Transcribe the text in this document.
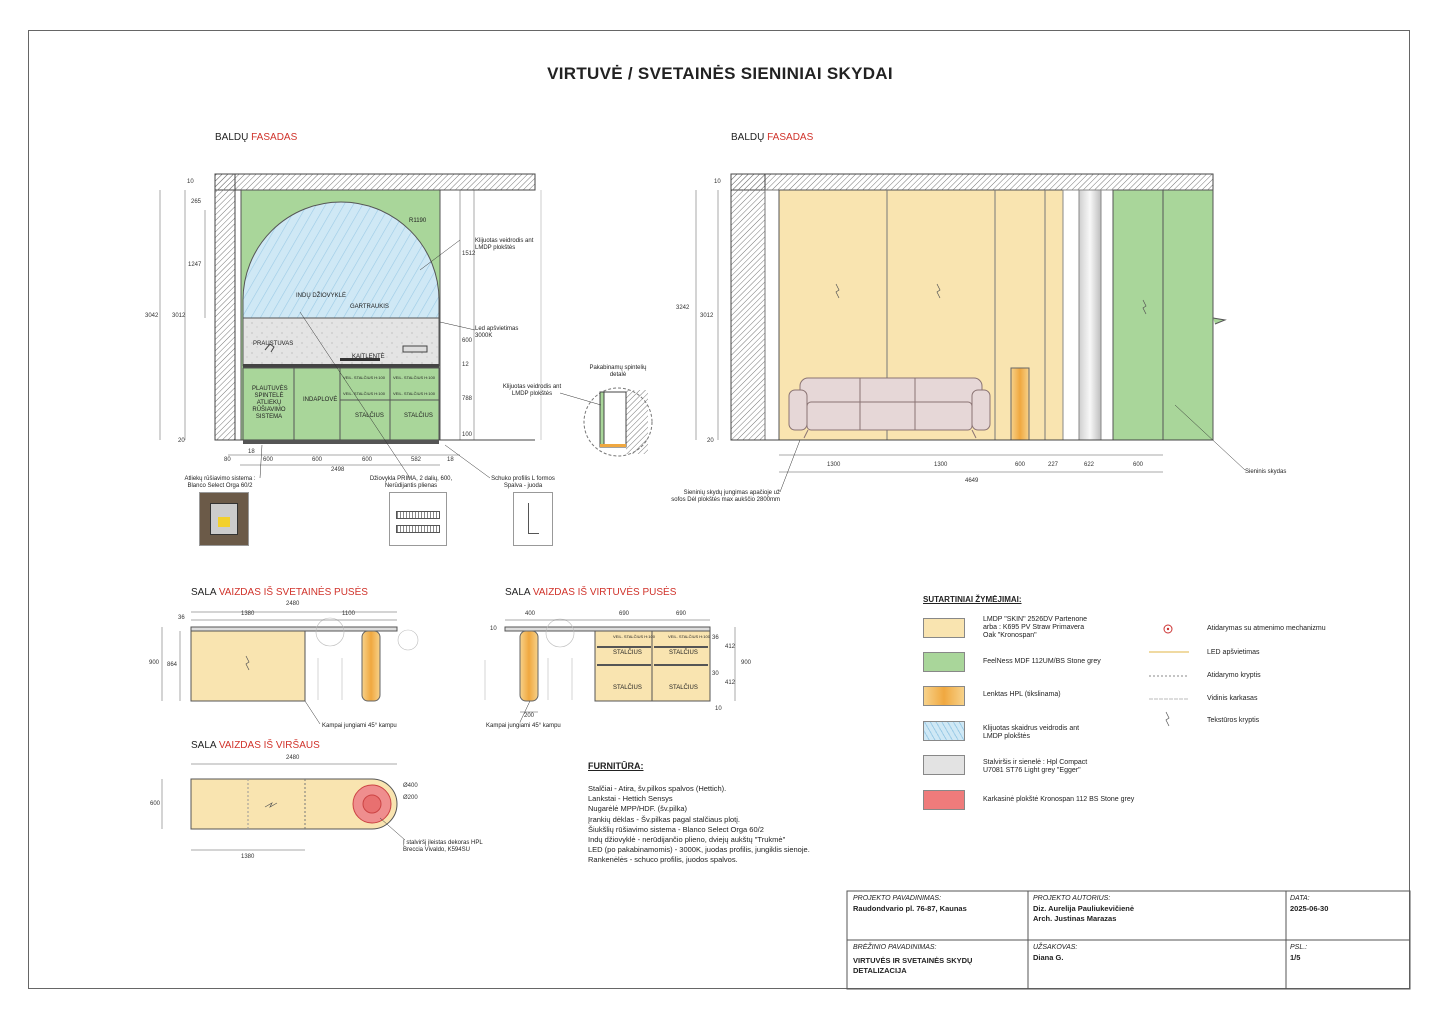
VIRTUVĖ / SVETAINĖS SIENINIAI SKYDAI
BALDŲ FASADAS	BALDŲ FASADAS
SALA VAIZDAS IŠ SVETAINĖS PUSĖS	SALA VAIZDAS IŠ VIRTUVĖS PUSĖS
SALA VAIZDAS IŠ VIRŠAUS
R1190
INDŲ DŽIOVYKLĖ
GARTRAUKIS
PRAUSTUVAS
KAITLENTĖ
PLAUTUVĖS SPINTELĖ ATLIEKŲ RŪŠIAVIMO SISTEMA
INDAPLOVĖ
STALČIUS	STALČIUS
VEIL. STALČIUS H:100 VEIL. STALČIUS H:100
VEIL. STALČIUS H:100 VEIL. STALČIUS H:100
10
265
1247
3042 3012
20
1512
600
12
788
100
80
18
600	600	600	582	18
2498
Klijuotas veidrodis ant LMDP plokštės
Led apšvietimas 3000K
Atliekų rūšiavimo sistema : Blanco Select Orga 60/2
Džiovykla PRIMA, 2 dalių, 600, Nerūdijantis plienas
Schuko profilis L formos Spalva - juoda
Pakabinamų spintelių detalė
Klijuotas veidrodis ant LMDP plokštės
10
3242
3012
20
1300	1300	600	227	622	600
4649
Sieninių skydų jungimas apačioje už sofos Dėl plokštės max aukščio 2800mm
Sieninis skydas
2480
1380	1100
36
900 864
Kampai jungiami 45° kampu
400	690	690
10
36
412
900
30
412
10
200
VEIL. STALČIUS H:100	VEIL. STALČIUS H:100
STALČIUS	STALČIUS
STALČIUS	STALČIUS
Kampai jungiami 45° kampu
2480
600
1380
Ø400
Ø200
Į stalviršį įleistas dekoras HPL Breccia Vivaldo, K594SU
SUTARTINIAI ŽYMĖJIMAI:
LMDP "SKIN" 2526DV Partenone arba : K695 PV Straw Primavera Oak "Kronospan"
FeelNess MDF 112UM/BS Stone grey
Lenktas HPL (tikslinama)
Klijuotas skaidrus veidrodis ant LMDP plokštės
Stalviršis ir sienelė : Hpl Compact U7081 ST76 Light grey "Egger"
Karkasinė plokštė Kronospan 112 BS Stone grey
Atidarymas su atmenimo mechanizmu
LED apšvietimas
Atidarymo kryptis
Vidinis karkasas
Tekstūros kryptis
FURNITŪRA:
Stalčiai - Atira, šv.pilkos spalvos (Hettich).
Lankstai - Hettich Sensys
Nugarėlė MPP/HDF. (šv.pilka)
Įrankių dėklas - Šv.pilkas pagal stalčiaus plotį.
Šiukšlių rūšiavimo sistema - Blanco Select Orga 60/2
Indų džiovyklė - nerūdijančio plieno, dviejų aukštų "Trukmė"
LED (po pakabinamomis) - 3000K, juodas profilis, jungiklis sienoje.
Rankenėlės - schuco profilis, juodos spalvos.
PROJEKTO PAVADINIMAS:
Raudondvario pl. 76-87, Kaunas
PROJEKTO AUTORIUS:
Diz. Aurelija Pauliukevičienė
Arch. Justinas Marazas
DATA:
2025-06-30
BRĖŽINIO PAVADINIMAS:
VIRTUVĖS IR SVETAINĖS SKYDŲ
DETALIZACIJA
UŽSAKOVAS:
Diana G.
PSL.:
1/5
